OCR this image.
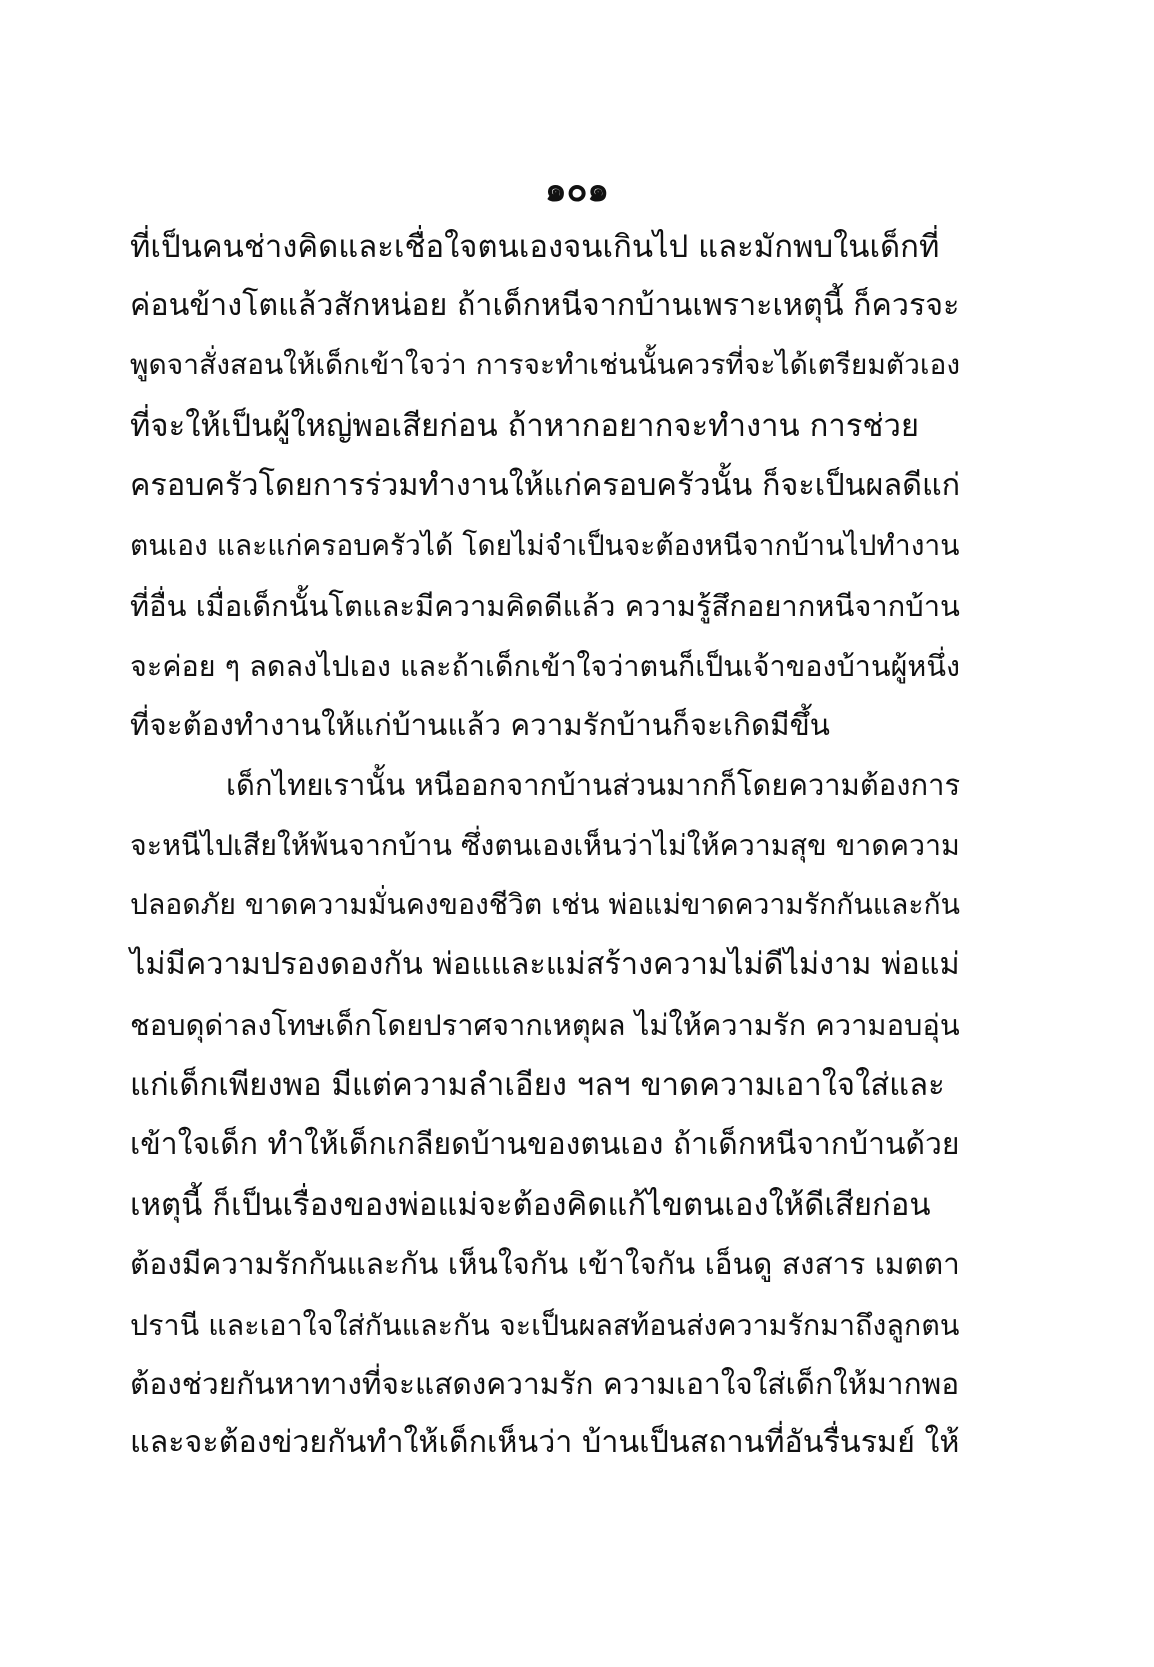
๑๐๑
ที่เป็นคนช่างคิดและเชื่อใจตนเองจนเกินไป และมักพบในเด็กที่
ค่อนข้างโตแล้วสักหน่อย ถ้าเด็กหนีจากบ้านเพราะเหตุนี้ ก็ควรจะ
พูดจาสั่งสอนให้เด็กเข้าใจว่า การจะทำเช่นนั้นควรที่จะได้เตรียมตัวเอง
ที่จะให้เป็นผู้ใหญ่พอเสียก่อน ถ้าหากอยากจะทำงาน การช่วย
ครอบครัวโดยการร่วมทำงานให้แก่ครอบครัวนั้น ก็จะเป็นผลดีแก่
ตนเอง และแก่ครอบครัวได้ โดยไม่จำเป็นจะต้องหนีจากบ้านไปทำงาน
ที่อื่น เมื่อเด็กนั้นโตและมีความคิดดีแล้ว ความรู้สึกอยากหนีจากบ้าน
จะค่อย ๆ ลดลงไปเอง และถ้าเด็กเข้าใจว่าตนก็เป็นเจ้าของบ้านผู้หนึ่ง
ที่จะต้องทำงานให้แก่บ้านแล้ว ความรักบ้านก็จะเกิดมีขึ้น
เด็กไทยเรานั้น หนีออกจากบ้านส่วนมากก็โดยความต้องการ
จะหนีไปเสียให้พ้นจากบ้าน ซึ่งตนเองเห็นว่าไม่ให้ความสุข ขาดความ
ปลอดภัย ขาดความมั่นคงของชีวิต เช่น พ่อแม่ขาดความรักกันและกัน
ไม่มีความปรองดองกัน พ่อแและแม่สร้างความไม่ดีไม่งาม พ่อแม่
ชอบดุด่าลงโทษเด็กโดยปราศจากเหตุผล ไม่ให้ความรัก ความอบอุ่น
แก่เด็กเพียงพอ มีแต่ความลำเอียง ฯลฯ ขาดความเอาใจใส่และ
เข้าใจเด็ก ทำให้เด็กเกลียดบ้านของตนเอง ถ้าเด็กหนีจากบ้านด้วย
เหตุนี้ ก็เป็นเรื่องของพ่อแม่จะต้องคิดแก้ไขตนเองให้ดีเสียก่อน
ต้องมีความรักกันและกัน เห็นใจกัน เข้าใจกัน เอ็นดู สงสาร เมตตา
ปรานี และเอาใจใส่กันและกัน จะเป็นผลสท้อนส่งความรักมาถึงลูกตน
ต้องช่วยกันหาทางที่จะแสดงความรัก ความเอาใจใส่เด็กให้มากพอ
และจะต้องข่วยกันทำให้เด็กเห็นว่า บ้านเป็นสถานที่อันรื่นรมย์ ให้
